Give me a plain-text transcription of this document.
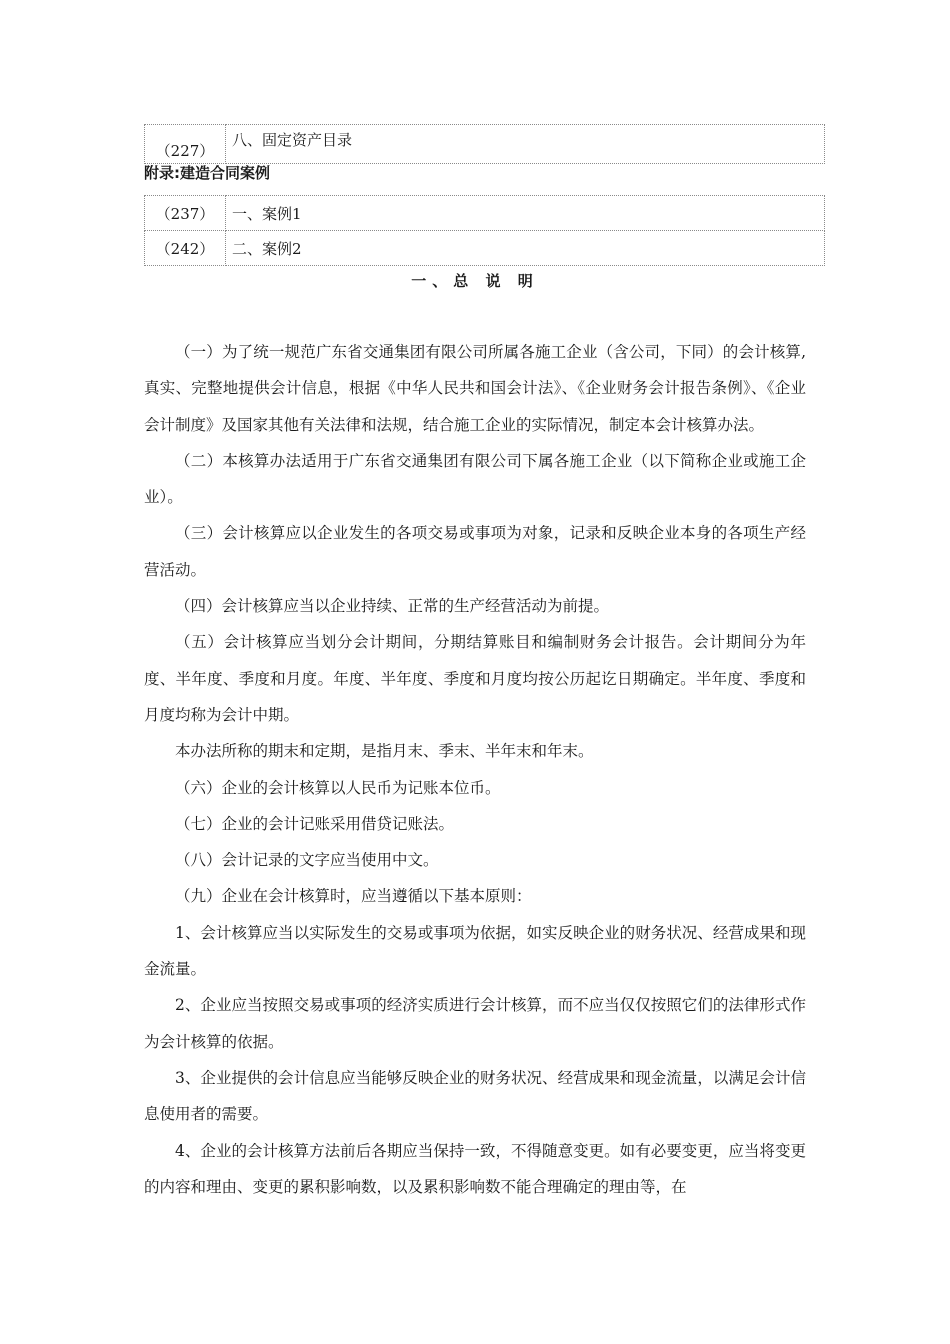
（227）	八、固定资产目录

附录:建造合同案例

（237）	一、案例1
（242）	二、案例2
一、总 说 明

（一）为了统一规范广东省交通集团有限公司所属各施工企业（含公司，下同）的会计核算,真实、完整地提供会计信息，根据《中华人民共和国会计法》、《企业财务会计报告条例》、《企业会计制度》及国家其他有关法律和法规，结合施工企业的实际情况，制定本会计核算办法。

（二）本核算办法适用于广东省交通集团有限公司下属各施工企业（以下简称企业或施工企业）。

（三）会计核算应以企业发生的各项交易或事项为对象，记录和反映企业本身的各项生产经营活动。

（四）会计核算应当以企业持续、正常的生产经营活动为前提。

（五）会计核算应当划分会计期间，分期结算账目和编制财务会计报告。会计期间分为年度、半年度、季度和月度。年度、半年度、季度和月度均按公历起讫日期确定。半年度、季度和月度均称为会计中期。

本办法所称的期末和定期，是指月末、季末、半年末和年末。

（六）企业的会计核算以人民币为记账本位币。

（七）企业的会计记账采用借贷记账法。

（八）会计记录的文字应当使用中文。

（九）企业在会计核算时，应当遵循以下基本原则：

1、会计核算应当以实际发生的交易或事项为依据，如实反映企业的财务状况、经营成果和现金流量。

2、企业应当按照交易或事项的经济实质进行会计核算，而不应当仅仅按照它们的法律形式作为会计核算的依据。

3、企业提供的会计信息应当能够反映企业的财务状况、经营成果和现金流量，以满足会计信息使用者的需要。

4、企业的会计核算方法前后各期应当保持一致，不得随意变更。如有必要变更，应当将变更的内容和理由、变更的累积影响数，以及累积影响数不能合理确定的理由等，在
